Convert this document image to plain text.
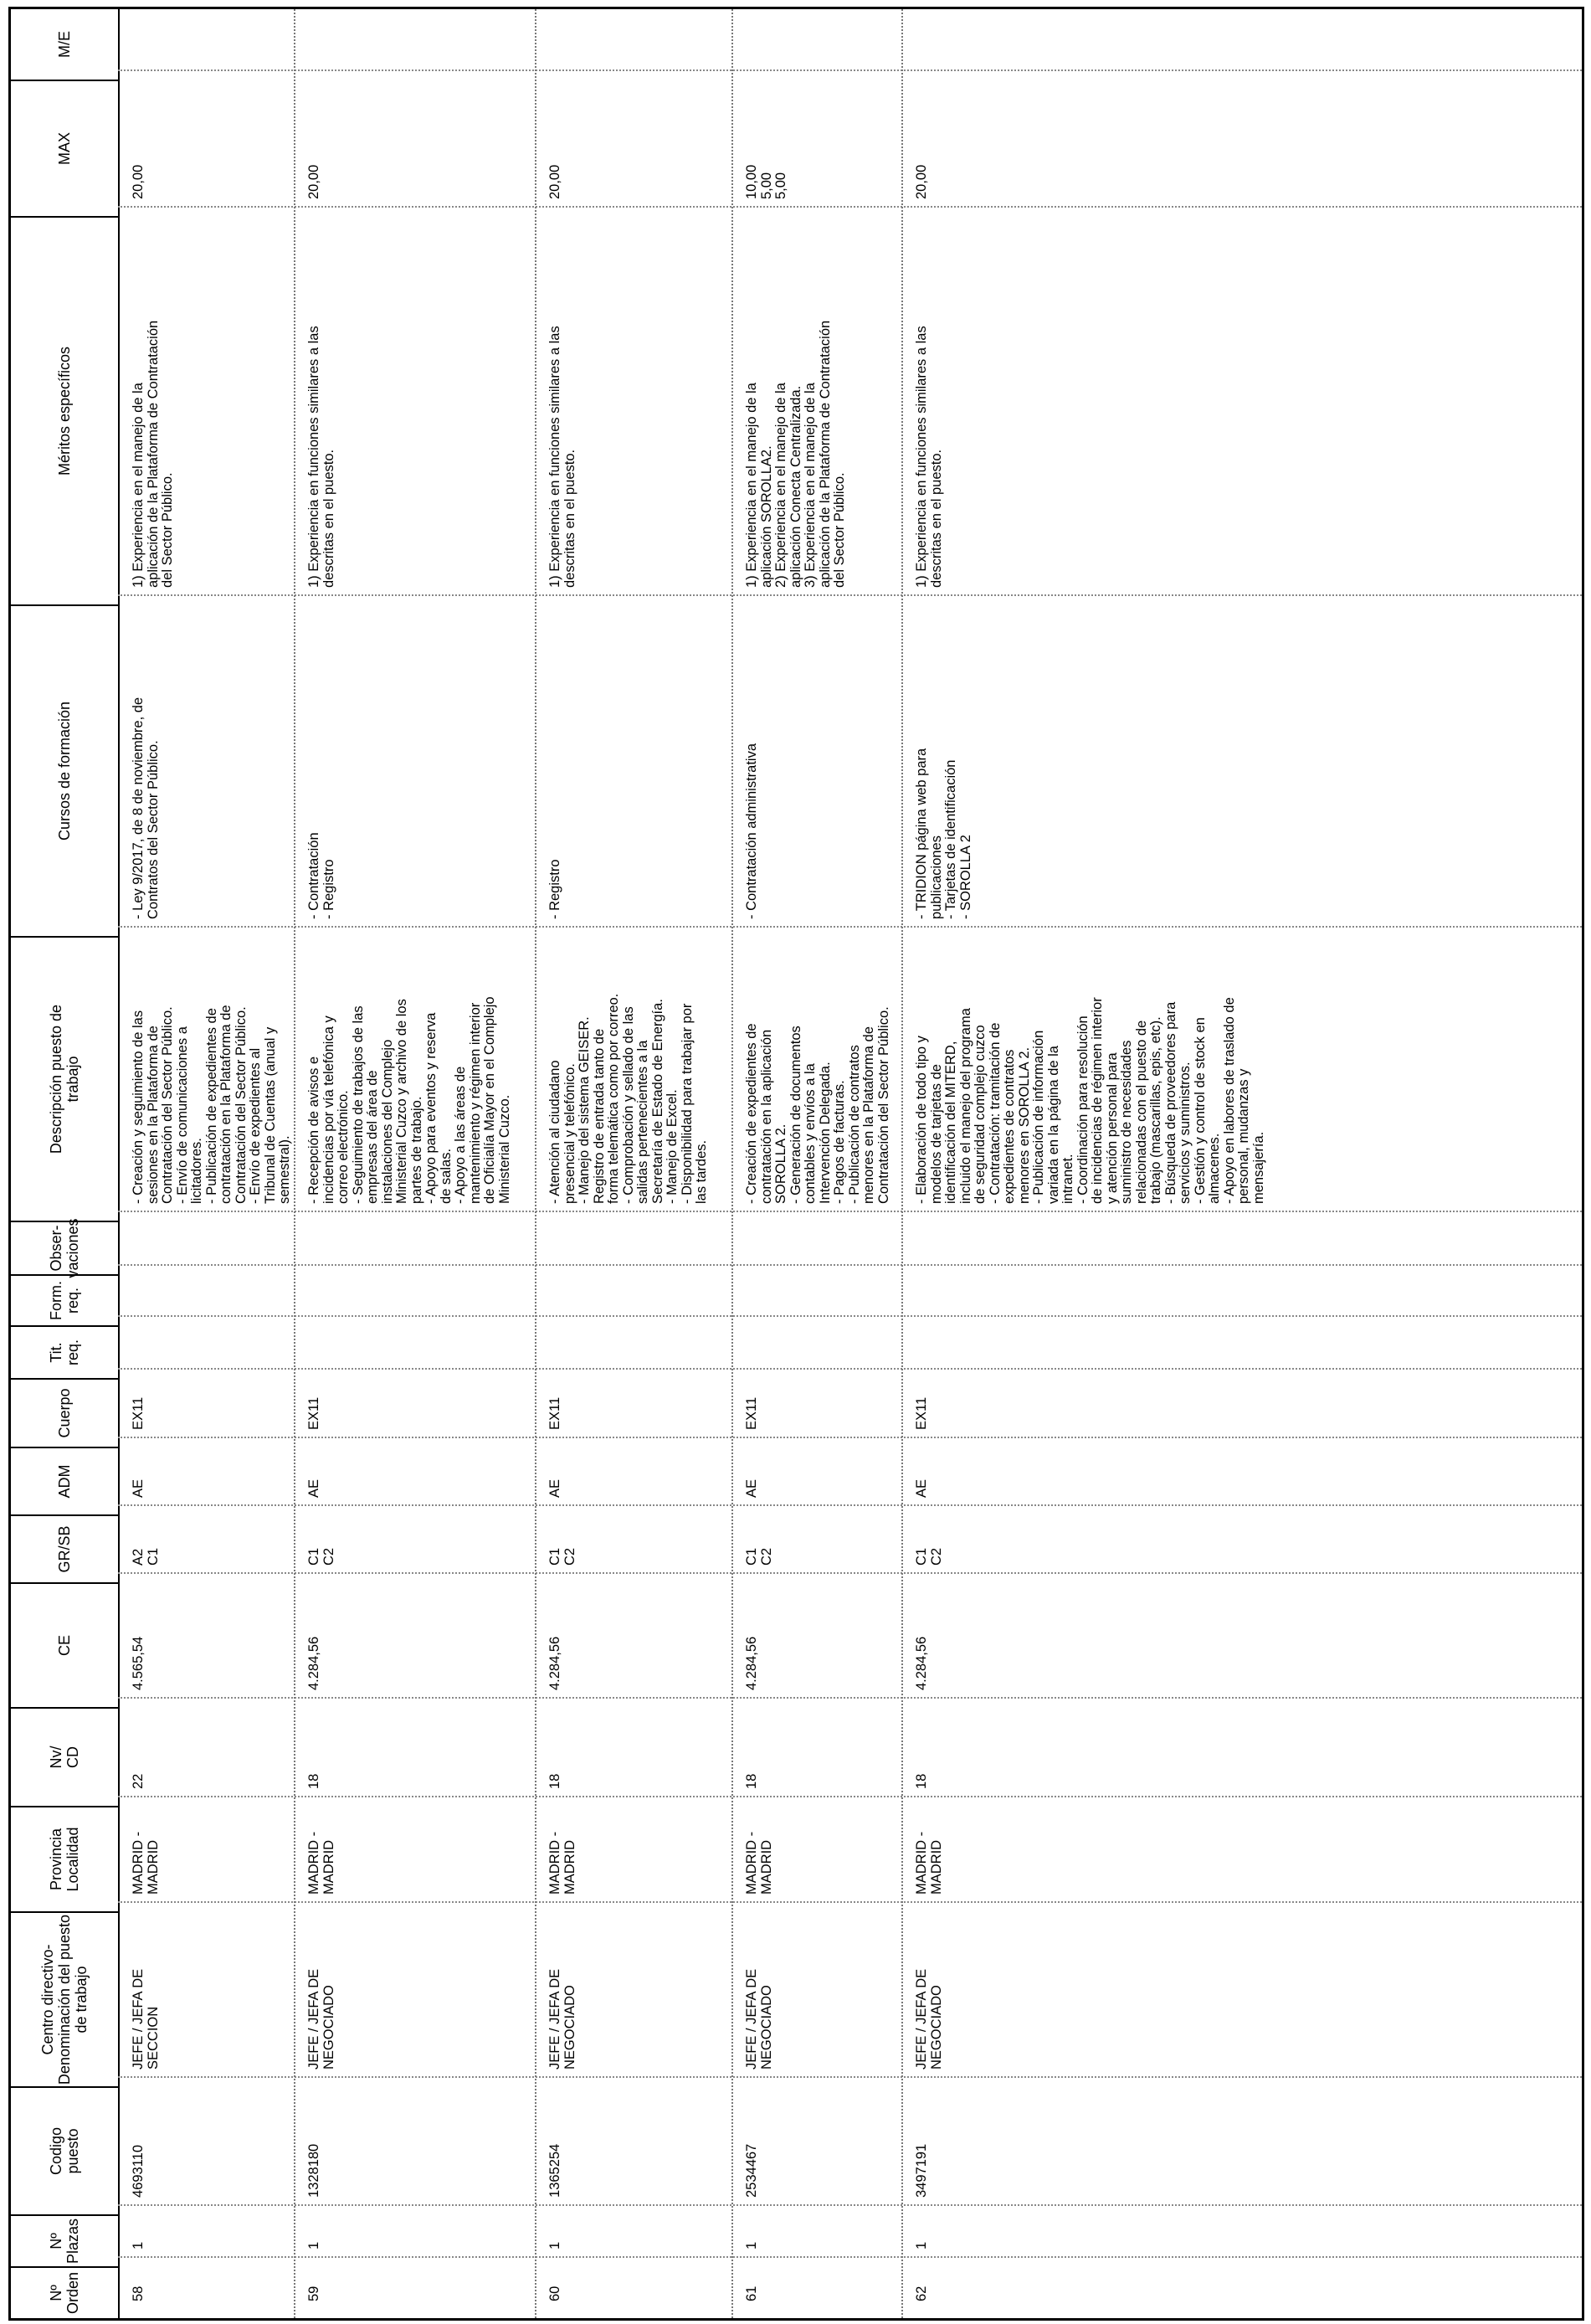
Nº
Orden
Nº
Plazas
Codigo
puesto
Centro directivo-
Denominación del puesto
de trabajo
Provincia
Localidad
Nv/
CD
CE
GR/SB
ADM
Cuerpo
Tit.
req.
Form.
req.
Obser-
vaciones
Descripción puesto de
trabajo
Cursos de formación
Méritos específicos
MAX
M/E
58
1
4693110
JEFE / JEFA DE SECCION
MADRID -
MADRID
22
4.565,54
A2
C1
AE
EX11
- Creación y seguimiento de las
sesiones en la Plataforma de
Contratación del Sector Público.
- Envío de comunicaciones a
licitadores.
- Publicación de expedientes de
contratación en la Plataforma de
Contratación del Sector Público.
- Envío de expedientes al
Tribunal de Cuentas (anual y
semestral).
- Ley 9/2017, de 8 de noviembre, de
Contratos del Sector Público.
1) Experiencia en el manejo de la
aplicación de la Plataforma de Contratación
del Sector Público.
20,00
59
1
1328180
JEFE / JEFA DE NEGOCIADO
MADRID -
MADRID
18
4.284,56
C1
C2
AE
EX11
- Recepción de avisos e
incidencias por vía telefónica y
correo electrónico.
- Seguimiento de trabajos de las
empresas del área de
instalaciones del Complejo
Ministerial Cuzco y archivo de los
partes de trabajo.
- Apoyo para eventos y reserva
de salas.
- Apoyo a las áreas de
mantenimiento y régimen interior
de Oficialía Mayor en el Complejo
Ministerial Cuzco.
- Contratación
- Registro
1) Experiencia en funciones similares a las
descritas en el puesto.
20,00
60
1
1365254
JEFE / JEFA DE NEGOCIADO
MADRID -
MADRID
18
4.284,56
C1
C2
AE
EX11
- Atención al ciudadano
presencial y telefónico.
- Manejo del sistema GEISER.
Registro de entrada tanto de
forma telemática como por correo.
- Comprobación y sellado de las
salidas pertenecientes a la
Secretaría de Estado de Energía.
- Manejo de Excel.
- Disponibilidad para trabajar por
las tardes.
- Registro
1) Experiencia en funciones similares a las
descritas en el puesto.
20,00
61
1
2534467
JEFE / JEFA DE NEGOCIADO
MADRID -
MADRID
18
4.284,56
C1
C2
AE
EX11
- Creación de expedientes de
contratación en la aplicación
SOROLLA 2.
- Generación de documentos
contables y envíos a la
Intervención Delegada.
- Pagos de facturas.
- Publicación de contratos
menores en la Plataforma de
Contratación del Sector Público.
- Contratación administrativa
1) Experiencia en el manejo de la
aplicación SOROLLA2.
2) Experiencia en el manejo de la
aplicación Conecta Centralizada.
3) Experiencia en el manejo de la
aplicación de la Plataforma de Contratación
del Sector Público.
10,00
5,00
5,00
62
1
3497191
JEFE / JEFA DE NEGOCIADO
MADRID -
MADRID
18
4.284,56
C1
C2
AE
EX11
- Elaboración de todo tipo y
modelos de tarjetas de
identificación del MITERD,
incluido el manejo del programa
de seguridad complejo cuzco
- Contratación: tramitación de
expedientes de contratos
menores en SOROLLA 2.
- Publicación de información
variada en la página de la
intranet.
- Coordinación para resolución
de incidencias de régimen interior
y atención personal para
suministro de necesidades
relacionadas con el puesto de
trabajo (mascarillas, epis, etc).
- Búsqueda de proveedores para
servicios y suministros.
- Gestión y control de stock en
almacenes.
- Apoyo en labores de traslado de
personal, mudanzas y
mensajería.
- TRIDION página web para
publicaciones
- Tarjetas de identificación
- SOROLLA 2
1) Experiencia en funciones similares a las
descritas en el puesto.
20,00
